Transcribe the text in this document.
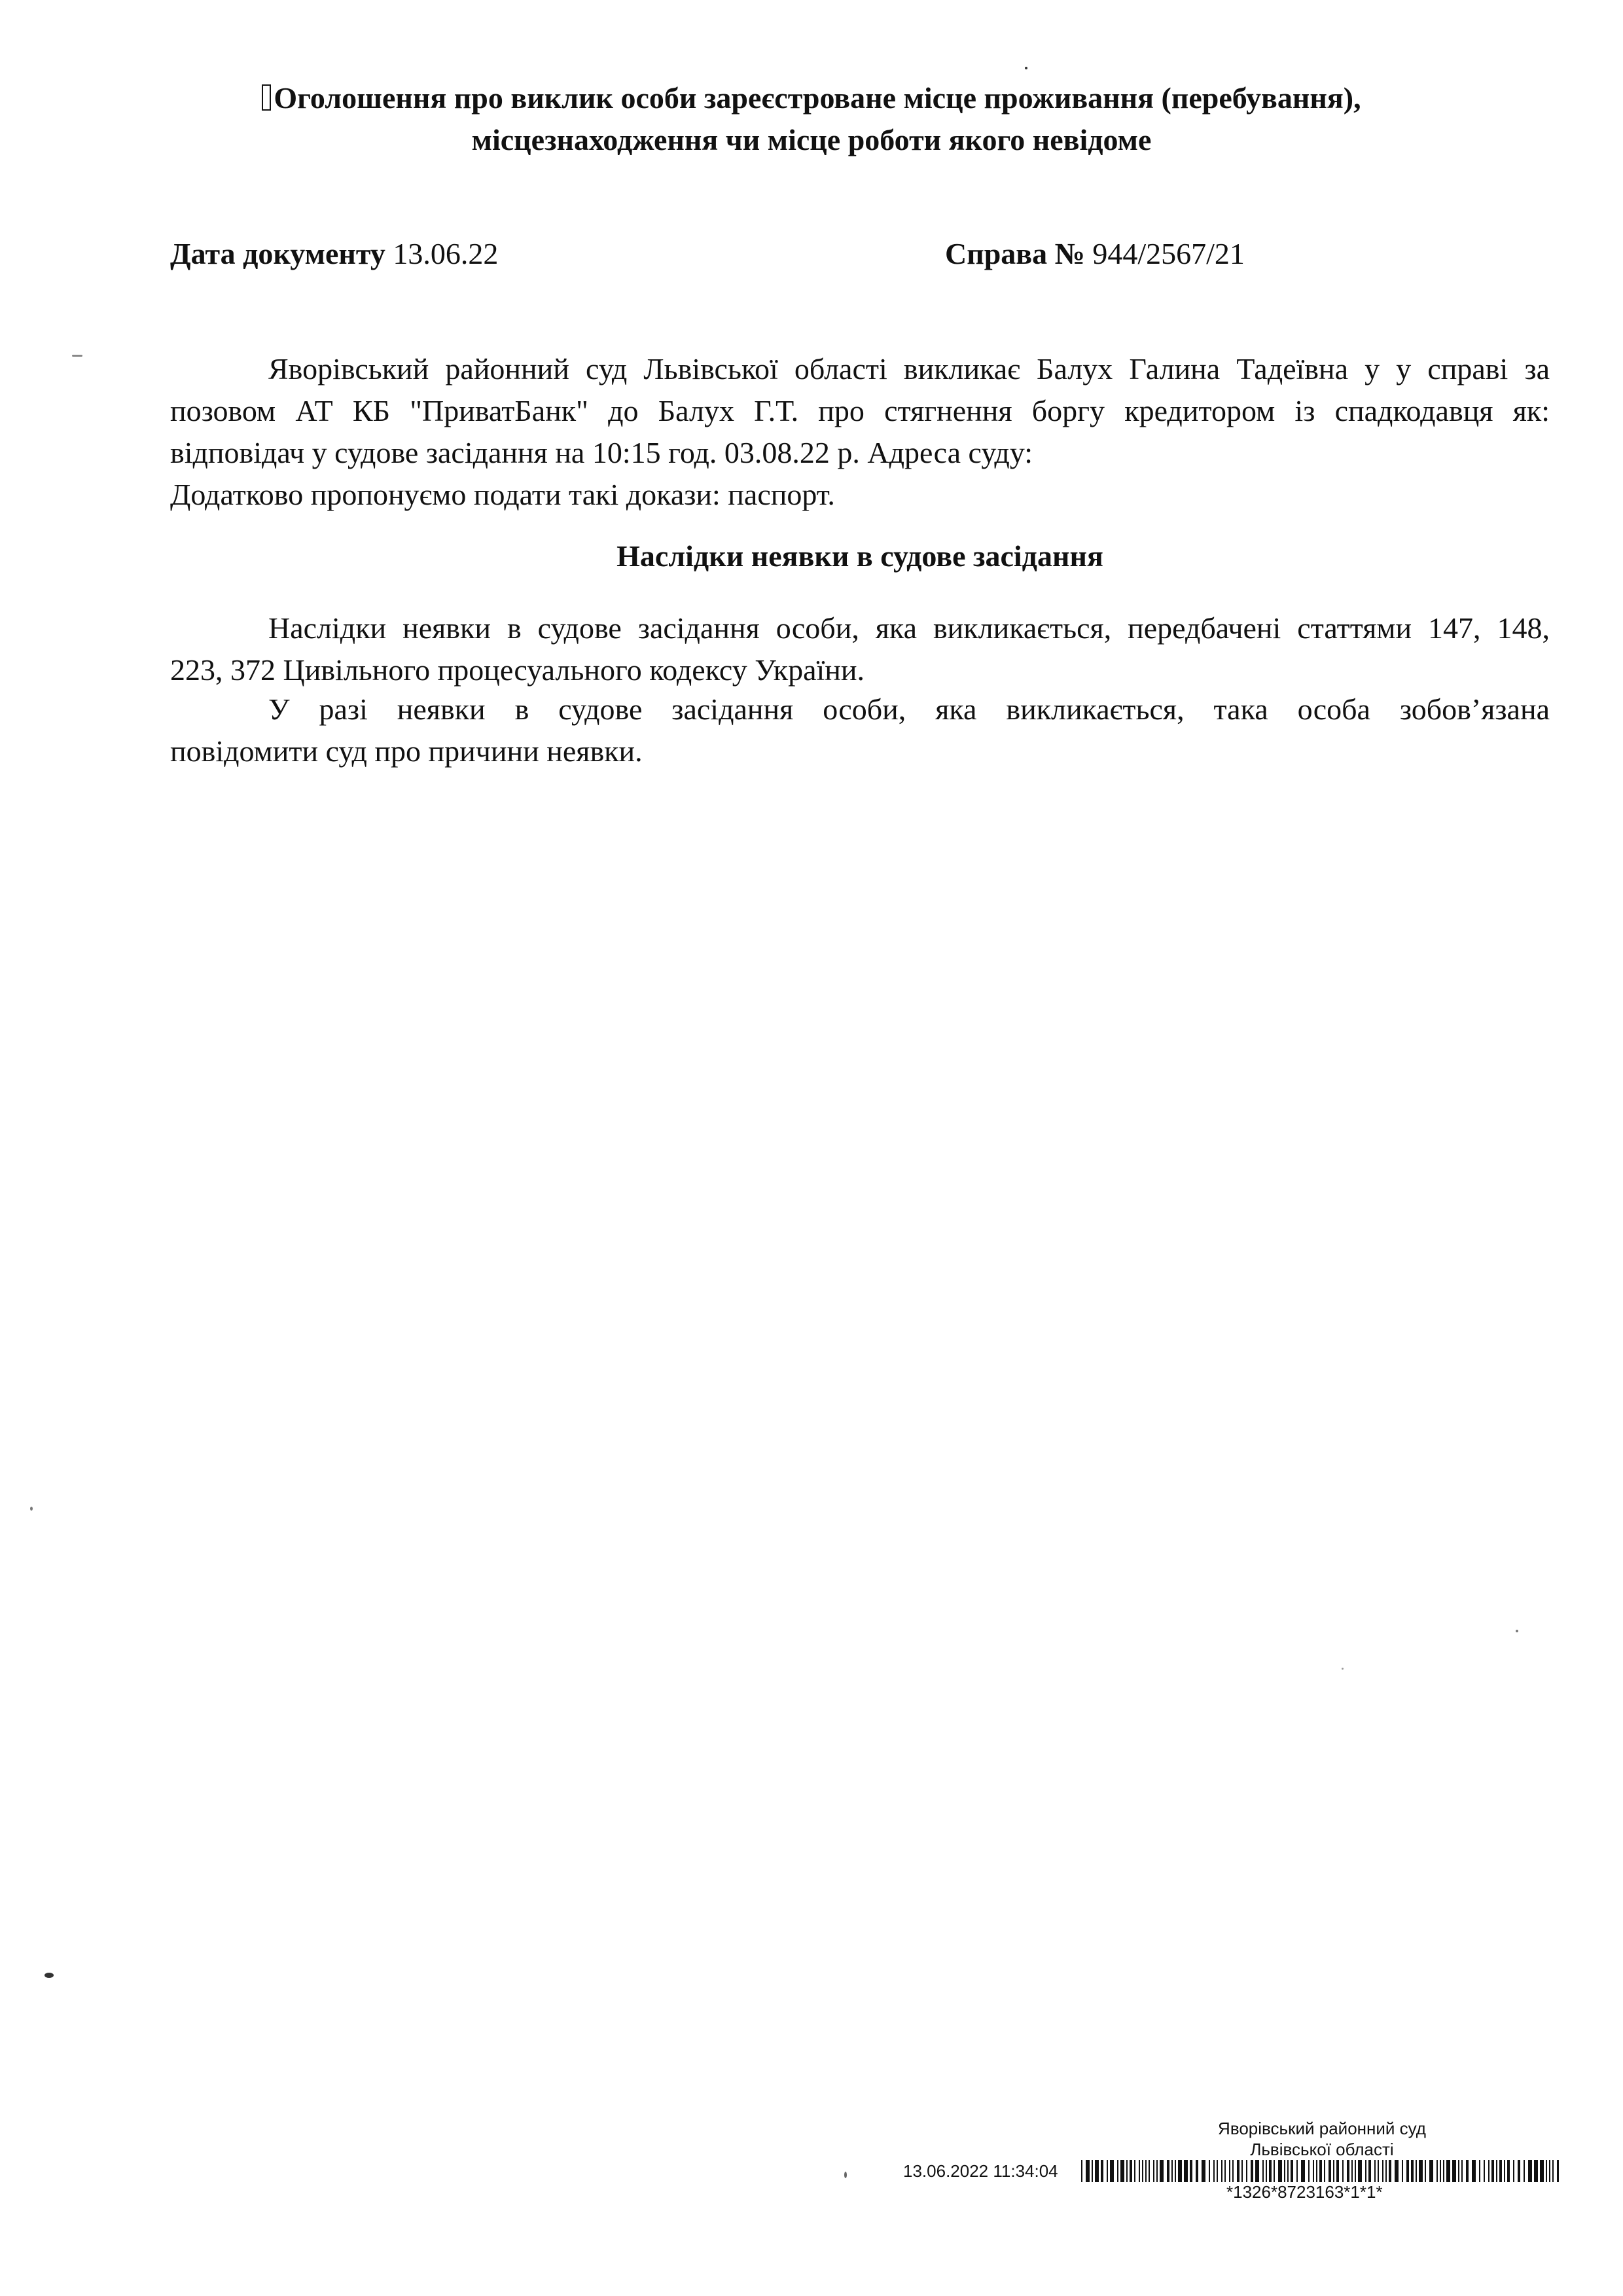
Оголошення про виклик особи зареєстроване місце проживання (перебування),
місцезнаходження чи місце роботи якого невідоме
Дата документу 13.06.22	Справа № 944/2567/21
Яворівський районний суд Львівської області викликає Балух Галина Тадеївна у у справі за
позовом АТ КБ "ПриватБанк" до Балух Г.Т. про стягнення боргу кредитором із спадкодавця як:
відповідач у судове засідання на 10:15 год. 03.08.22 р. Адреса суду:
Додатково пропонуємо подати такі докази: паспорт.
Наслідки неявки в судове засідання
Наслідки неявки в судове засідання особи, яка викликається, передбачені статтями 147, 148,
223, 372 Цивільного процесуального кодексу України.
У разі неявки в судове засідання особи, яка викликається, така особа зобов’язана
повідомити суд про причини неявки.
Яворівський районний суд
Львівської області
13.06.2022 11:34:04
*1326*8723163*1*1*
